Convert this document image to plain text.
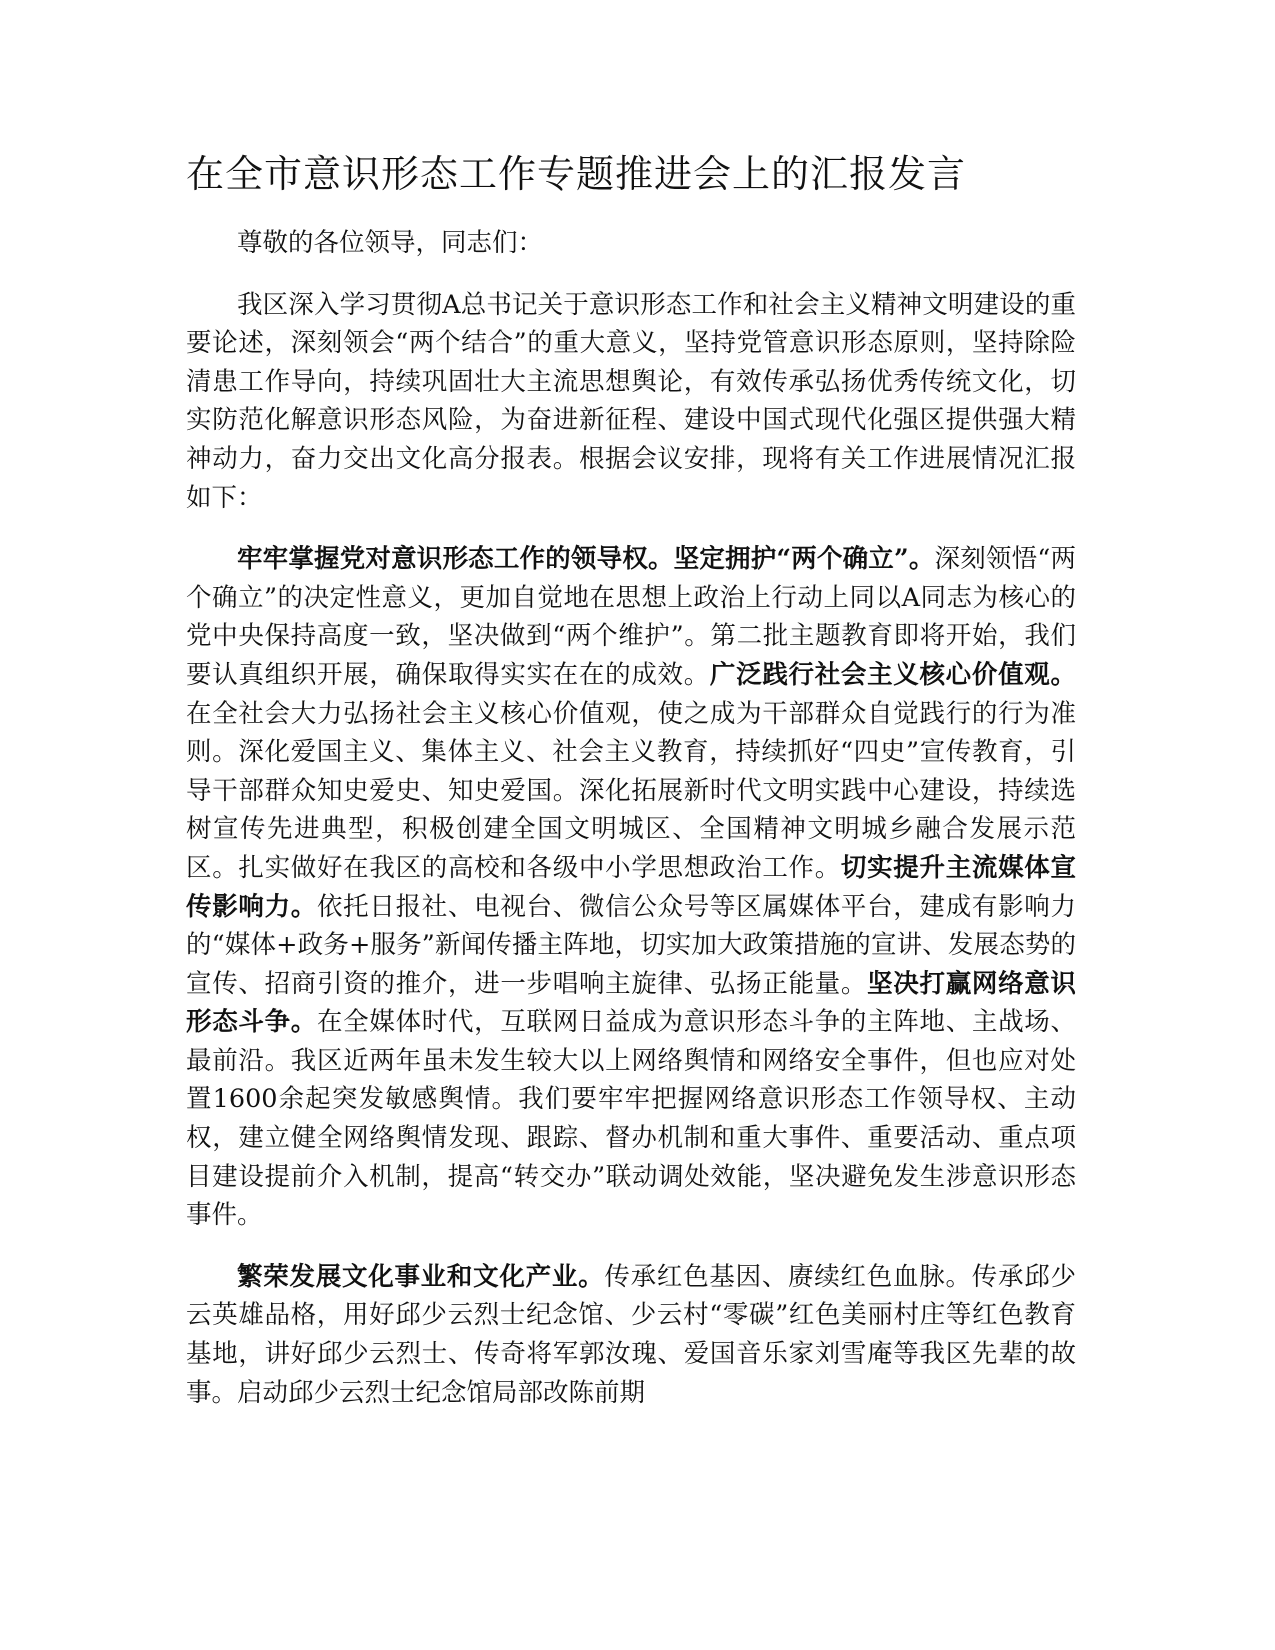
在全市意识形态工作专题推进会上的汇报发言

尊敬的各位领导，同志们：

我区深入学习贯彻A总书记关于意识形态工作和社会主义精神文明建设的重要论述，深刻领会“两个结合”的重大意义，坚持党管意识形态原则，坚持除险清患工作导向，持续巩固壮大主流思想舆论，有效传承弘扬优秀传统文化，切实防范化解意识形态风险，为奋进新征程、建设中国式现代化强区提供强大精神动力，奋力交出文化高分报表。根据会议安排，现将有关工作进展情况汇报如下：

牢牢掌握党对意识形态工作的领导权。坚定拥护“两个确立”。深刻领悟“两个确立”的决定性意义，更加自觉地在思想上政治上行动上同以A同志为核心的党中央保持高度一致，坚决做到“两个维护”。第二批主题教育即将开始，我们要认真组织开展，确保取得实实在在的成效。广泛践行社会主义核心价值观。在全社会大力弘扬社会主义核心价值观，使之成为干部群众自觉践行的行为准则。深化爱国主义、集体主义、社会主义教育，持续抓好“四史”宣传教育，引导干部群众知史爱史、知史爱国。深化拓展新时代文明实践中心建设，持续选树宣传先进典型，积极创建全国文明城区、全国精神文明城乡融合发展示范区。扎实做好在我区的高校和各级中小学思想政治工作。切实提升主流媒体宣传影响力。依托日报社、电视台、微信公众号等区属媒体平台，建成有影响力的“媒体+政务+服务”新闻传播主阵地，切实加大政策措施的宣讲、发展态势的宣传、招商引资的推介，进一步唱响主旋律、弘扬正能量。坚决打赢网络意识形态斗争。在全媒体时代，互联网日益成为意识形态斗争的主阵地、主战场、最前沿。我区近两年虽未发生较大以上网络舆情和网络安全事件，但也应对处置1600余起突发敏感舆情。我们要牢牢把握网络意识形态工作领导权、主动权，建立健全网络舆情发现、跟踪、督办机制和重大事件、重要活动、重点项目建设提前介入机制，提高“转交办”联动调处效能，坚决避免发生涉意识形态事件。

繁荣发展文化事业和文化产业。传承红色基因、赓续红色血脉。传承邱少云英雄品格，用好邱少云烈士纪念馆、少云村“零碳”红色美丽村庄等红色教育基地，讲好邱少云烈士、传奇将军郭汝瑰、爱国音乐家刘雪庵等我区先辈的故事。启动邱少云烈士纪念馆局部改陈前期
